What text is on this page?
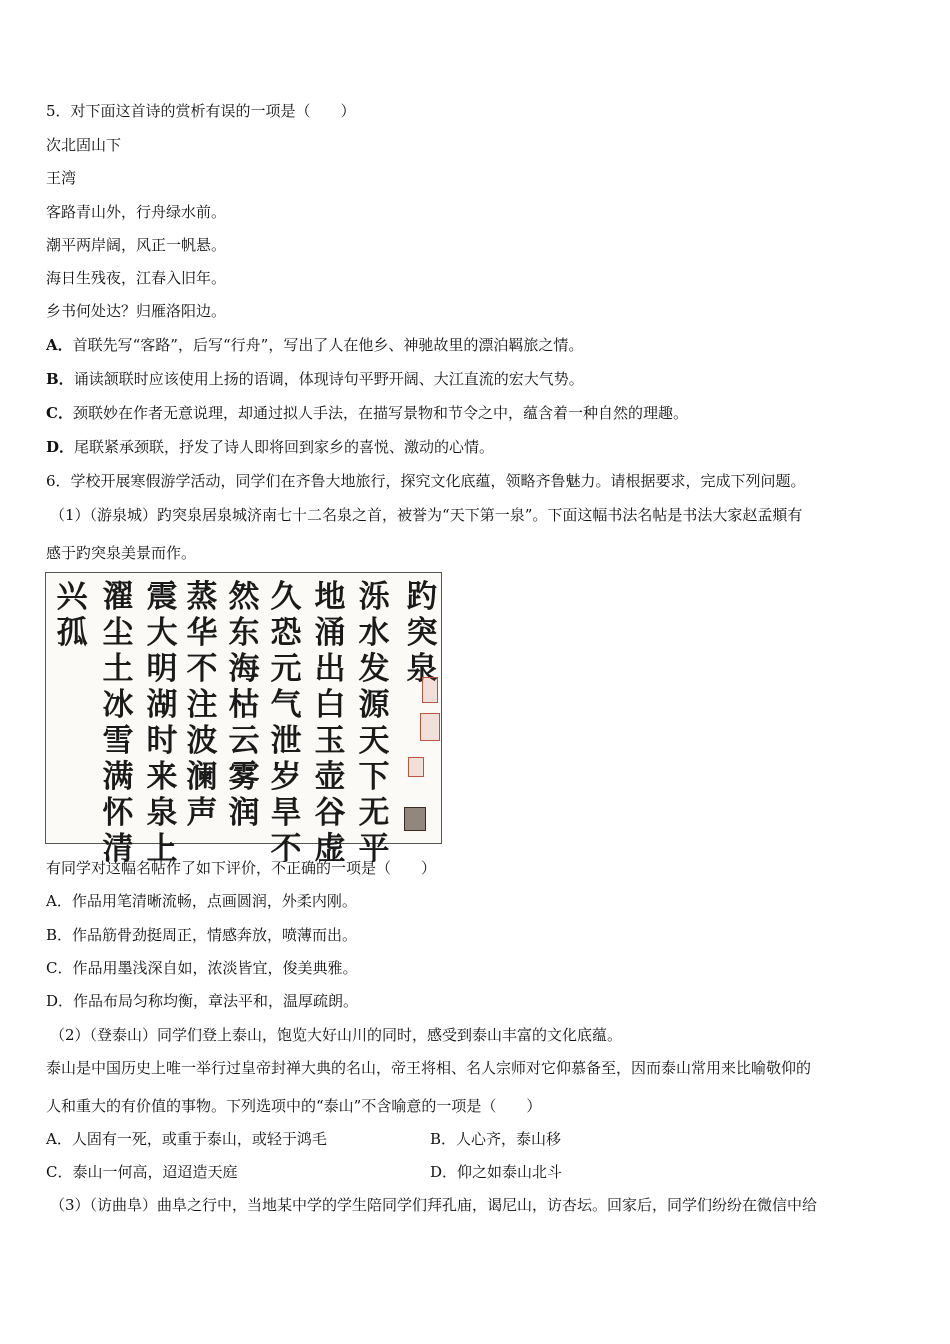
5．对下面这首诗的赏析有误的一项是（　　）
次北固山下
王湾
客路青山外，行舟绿水前。
潮平两岸阔，风正一帆悬。
海日生残夜，江春入旧年。
乡书何处达？归雁洛阳边。
A．首联先写“客路”，后写“行舟”，写出了人在他乡、神驰故里的漂泊羁旅之情。
B．诵读颔联时应该使用上扬的语调，体现诗句平野开阔、大江直流的宏大气势。
C．颈联妙在作者无意说理，却通过拟人手法，在描写景物和节令之中，蕴含着一种自然的理趣。
D．尾联紧承颈联，抒发了诗人即将回到家乡的喜悦、激动的心情。
6．学校开展寒假游学活动，同学们在齐鲁大地旅行，探究文化底蕴，领略齐鲁魅力。请根据要求，完成下列问题。
（1）（游泉城）趵突泉居泉城济南七十二名泉之首，被誉为“天下第一泉”。下面这幅书法名帖是书法大家赵孟頫有
感于趵突泉美景而作。
趵
突
泉
泺
水
发
源
天
下
无
平
地
涌
出
白
玉
壶
谷
虚
久
恐
元
气
泄
岁
旱
不
然
东
海
枯
云
雾
润
蒸
华
不
注
波
澜
声
震
大
明
湖
时
来
泉
上
濯
尘
土
冰
雪
满
怀
清
兴
孤
有同学对这幅名帖作了如下评价，不正确的一项是（　　）
A．作品用笔清晰流畅，点画圆润，外柔内刚。
B．作品筋骨劲挺周正，情感奔放，喷薄而出。
C．作品用墨浅深自如，浓淡皆宜，俊美典雅。
D．作品布局匀称均衡，章法平和，温厚疏朗。
（2）（登泰山）同学们登上泰山，饱览大好山川的同时，感受到泰山丰富的文化底蕴。
泰山是中国历史上唯一举行过皇帝封禅大典的名山，帝王将相、名人宗师对它仰慕备至，因而泰山常用来比喻敬仰的
人和重大的有价值的事物。下列选项中的“泰山”不含喻意的一项是（　　）
A．人固有一死，或重于泰山，或轻于鸿毛	B．人心齐，泰山移
C．泰山一何高，迢迢造天庭	D．仰之如泰山北斗
（3）（访曲阜）曲阜之行中，当地某中学的学生陪同学们拜孔庙，谒尼山，访杏坛。回家后，同学们纷纷在微信中给
